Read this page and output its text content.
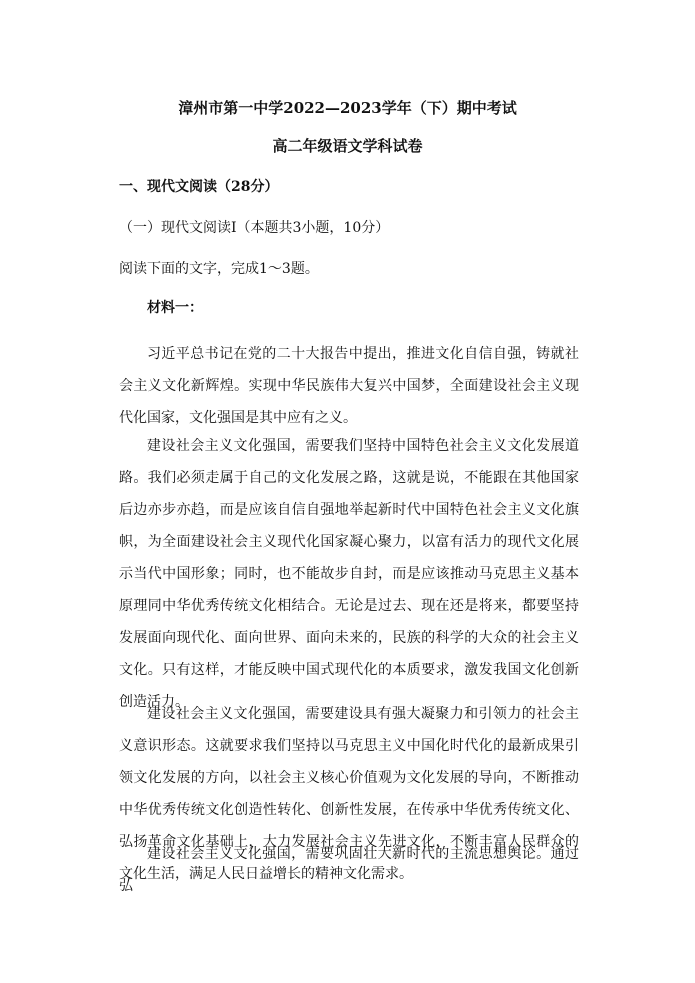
漳州市第一中学2022—2023学年（下）期中考试
高二年级语文学科试卷
一、现代文阅读（28分）
（一）现代文阅读Ⅰ（本题共3小题，10分）
阅读下面的文字，完成1～3题。
材料一：

习近平总书记在党的二十大报告中提出，推进文化自信自强，铸就社会主义文化新辉煌。实现中华民族伟大复兴中国梦，全面建设社会主义现代化国家，文化强国是其中应有之义。

建设社会主义文化强国，需要我们坚持中国特色社会主义文化发展道路。我们必须走属于自己的文化发展之路，这就是说，不能跟在其他国家后边亦步亦趋，而是应该自信自强地举起新时代中国特色社会主义文化旗帜，为全面建设社会主义现代化国家凝心聚力，以富有活力的现代文化展示当代中国形象；同时，也不能故步自封，而是应该推动马克思主义基本原理同中华优秀传统文化相结合。无论是过去、现在还是将来，都要坚持发展面向现代化、面向世界、面向未来的，民族的科学的大众的社会主义文化。只有这样，才能反映中国式现代化的本质要求，激发我国文化创新创造活力。

建设社会主义文化强国，需要建设具有强大凝聚力和引领力的社会主义意识形态。这就要求我们坚持以马克思主义中国化时代化的最新成果引领文化发展的方向，以社会主义核心价值观为文化发展的导向，不断推动中华优秀传统文化创造性转化、创新性发展，在传承中华优秀传统文化、弘扬革命文化基础上，大力发展社会主义先进文化，不断丰富人民群众的文化生活，满足人民日益增长的精神文化需求。

建设社会主义文化强国，需要巩固壮大新时代的主流思想舆论。通过弘
